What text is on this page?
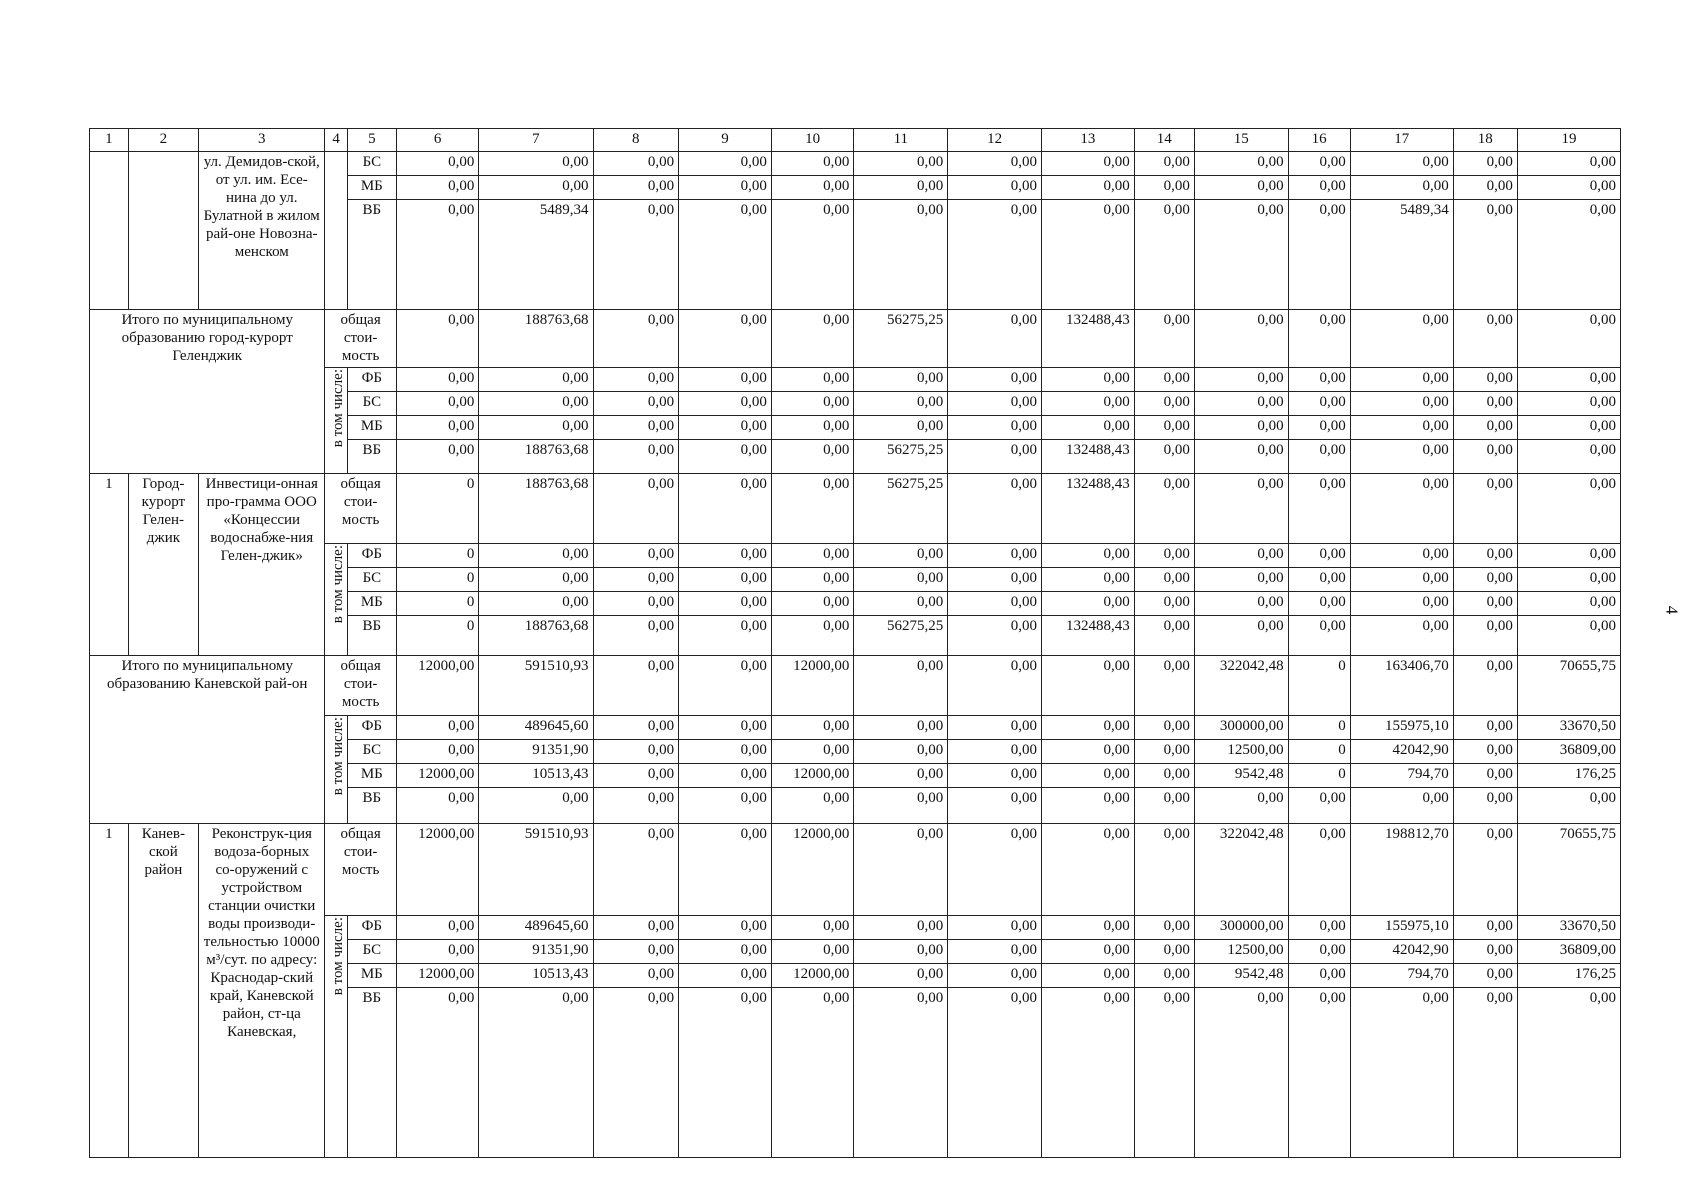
1	2	3	4	5	6	7	8	9	10	11	12	13	14	15	16	17	18	19
		ул. Демидов-ской, от ул. им. Есе-нина до ул. Булатной в жилом рай-оне Новозна-менском		БС	0,00	0,00	0,00	0,00	0,00	0,00	0,00	0,00	0,00	0,00	0,00	0,00	0,00	0,00
				МБ	0,00	0,00	0,00	0,00	0,00	0,00	0,00	0,00	0,00	0,00	0,00	0,00	0,00	0,00
				ВБ	0,00	5489,34	0,00	0,00	0,00	0,00	0,00	0,00	0,00	0,00	0,00	5489,34	0,00	0,00
Итого по муниципальному образованию город-курорт Геленджик			общая стои-мость		0,00	188763,68	0,00	0,00	0,00	56275,25	0,00	132488,43	0,00	0,00	0,00	0,00	0,00	0,00

			в том числе:	ФБ	0,00	0,00	0,00	0,00	0,00	0,00	0,00	0,00	0,00	0,00	0,00	0,00	0,00	0,00
				БС	0,00	0,00	0,00	0,00	0,00	0,00	0,00	0,00	0,00	0,00	0,00	0,00	0,00	0,00
				МБ	0,00	0,00	0,00	0,00	0,00	0,00	0,00	0,00	0,00	0,00	0,00	0,00	0,00	0,00
				ВБ	0,00	188763,68	0,00	0,00	0,00	56275,25	0,00	132488,43	0,00	0,00	0,00	0,00	0,00	0,00
1	Город-курорт Гелен-джик	Инвестици-онная про-грамма ООО «Концессии водоснабже-ния Гелен-джик»	общая стои-мость		0	188763,68	0,00	0,00	0,00	56275,25	0,00	132488,43	0,00	0,00	0,00	0,00	0,00	0,00

			в том числе:	ФБ	0	0,00	0,00	0,00	0,00	0,00	0,00	0,00	0,00	0,00	0,00	0,00	0,00	0,00
				БС	0	0,00	0,00	0,00	0,00	0,00	0,00	0,00	0,00	0,00	0,00	0,00	0,00	0,00
				МБ	0	0,00	0,00	0,00	0,00	0,00	0,00	0,00	0,00	0,00	0,00	0,00	0,00	0,00
				ВБ	0	188763,68	0,00	0,00	0,00	56275,25	0,00	132488,43	0,00	0,00	0,00	0,00	0,00	0,00
Итого по муниципальному образованию Каневской рай-он			общая стои-мость		12000,00	591510,93	0,00	0,00	12000,00	0,00	0,00	0,00	0,00	322042,48	0	163406,70	0,00	70655,75

			в том числе:	ФБ	0,00	489645,60	0,00	0,00	0,00	0,00	0,00	0,00	0,00	300000,00	0	155975,10	0,00	33670,50
				БС	0,00	91351,90	0,00	0,00	0,00	0,00	0,00	0,00	0,00	12500,00	0	42042,90	0,00	36809,00
				МБ	12000,00	10513,43	0,00	0,00	12000,00	0,00	0,00	0,00	0,00	9542,48	0	794,70	0,00	176,25
				ВБ	0,00	0,00	0,00	0,00	0,00	0,00	0,00	0,00	0,00	0,00	0,00	0,00	0,00	0,00
1	Канев-ской район	Реконструк-ция водоза-борных со-оружений с устройством станции очистки воды производи-тельностью 10000 м³/сут. по адресу: Краснодар-ский край, Каневской район, ст-ца Каневская,	общая стои-мость		12000,00	591510,93	0,00	0,00	12000,00	0,00	0,00	0,00	0,00	322042,48	0,00	198812,70	0,00	70655,75

			в том числе:	ФБ	0,00	489645,60	0,00	0,00	0,00	0,00	0,00	0,00	0,00	300000,00	0,00	155975,10	0,00	33670,50
				БС	0,00	91351,90	0,00	0,00	0,00	0,00	0,00	0,00	0,00	12500,00	0,00	42042,90	0,00	36809,00
				МБ	12000,00	10513,43	0,00	0,00	12000,00	0,00	0,00	0,00	0,00	9542,48	0,00	794,70	0,00	176,25
				ВБ	0,00	0,00	0,00	0,00	0,00	0,00	0,00	0,00	0,00	0,00	0,00	0,00	0,00	0,00
4
